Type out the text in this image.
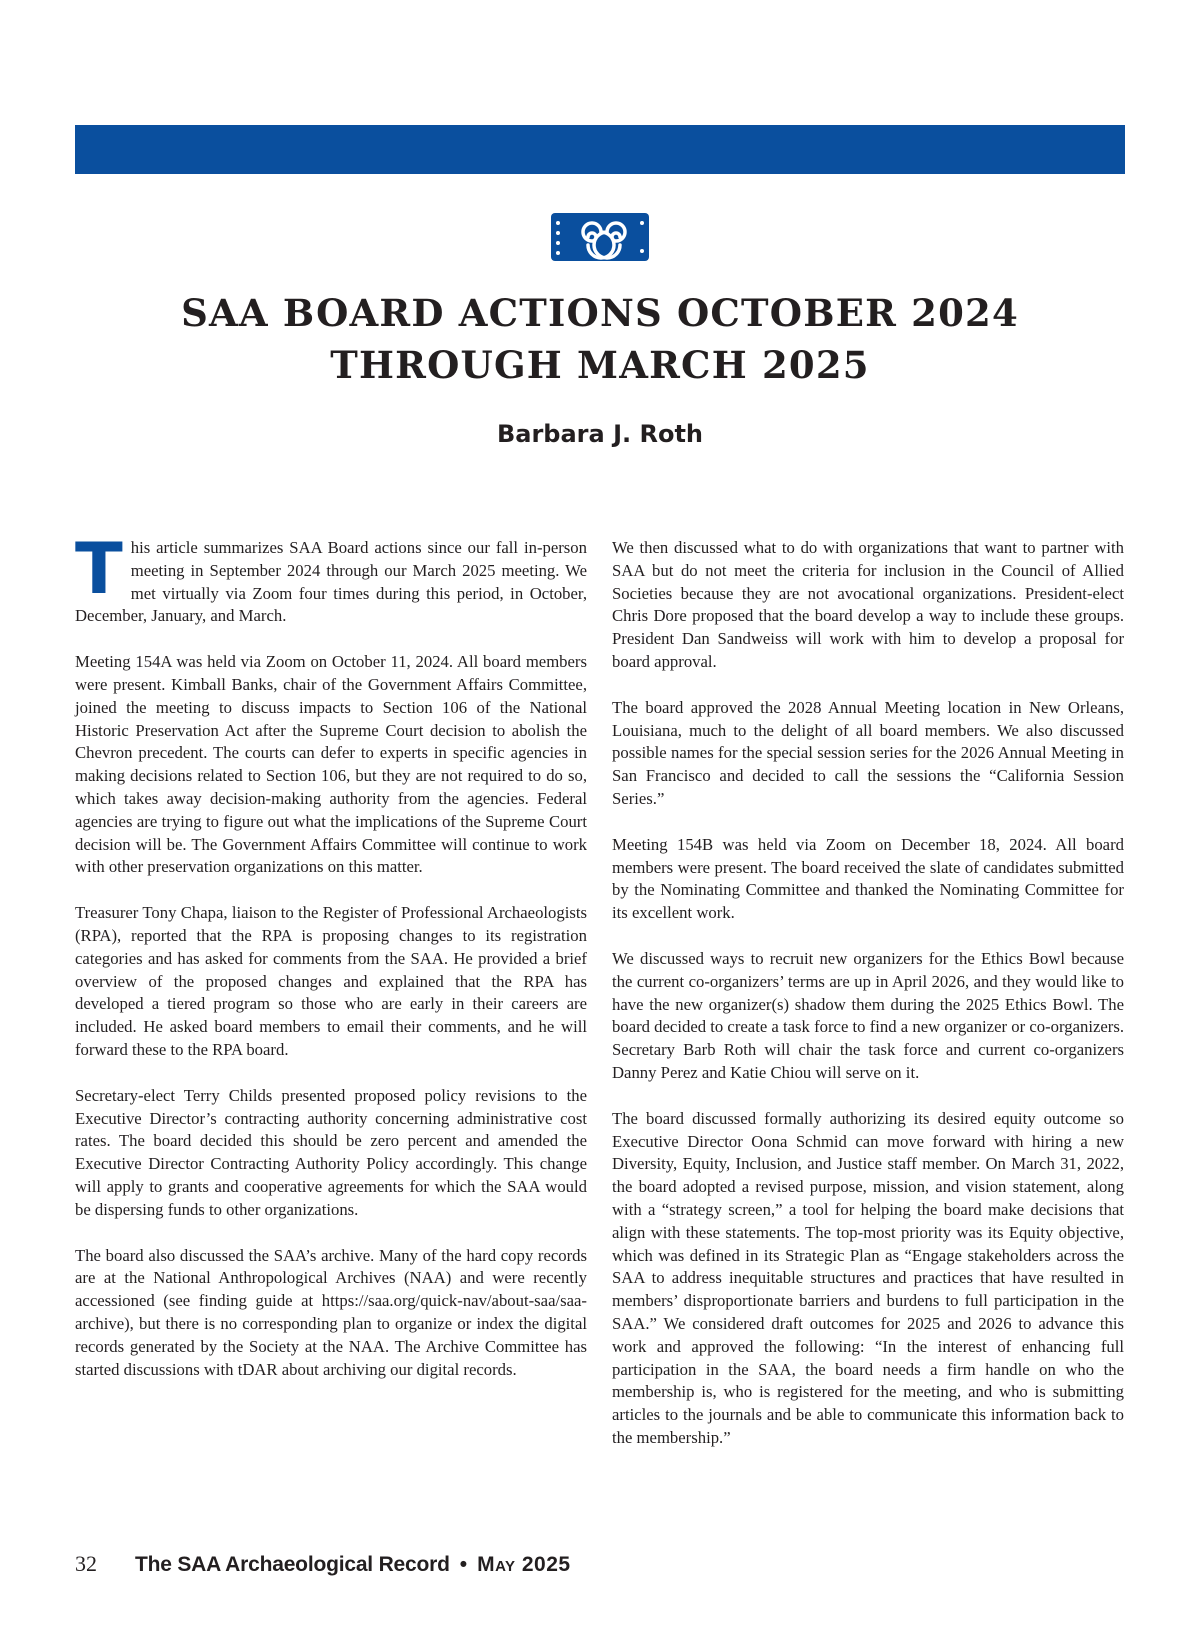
SAA BOARD ACTIONS OCTOBER 2024
THROUGH MARCH 2025
Barbara J. Roth

This article summarizes SAA Board actions since our fall in-person meeting in September 2024 through our March 2025 meeting. We met virtually via Zoom four times during this period, in October, December, January, and March.

Meeting 154A was held via Zoom on October 11, 2024. All board members were present. Kimball Banks, chair of the Government Affairs Committee, joined the meeting to discuss impacts to Section 106 of the National Historic Preservation Act after the Supreme Court decision to abolish the Chevron precedent. The courts can defer to experts in specific agencies in making decisions related to Section 106, but they are not required to do so, which takes away decision-making authority from the agencies. Federal agencies are trying to figure out what the implications of the Supreme Court decision will be. The Government Affairs Committee will continue to work with other preservation organizations on this matter.

Treasurer Tony Chapa, liaison to the Register of Professional Archaeologists (RPA), reported that the RPA is proposing changes to its registration categories and has asked for comments from the SAA. He provided a brief overview of the proposed changes and explained that the RPA has developed a tiered program so those who are early in their careers are included. He asked board members to email their comments, and he will forward these to the RPA board.

Secretary-elect Terry Childs presented proposed policy revisions to the Executive Director’s contracting authority concerning administrative cost rates. The board decided this should be zero percent and amended the Executive Director Contracting Authority Policy accordingly. This change will apply to grants and cooperative agreements for which the SAA would be dispersing funds to other organizations.

The board also discussed the SAA’s archive. Many of the hard copy records are at the National Anthropological Archives (NAA) and were recently accessioned (see finding guide at https://saa.org/quick-nav/about-saa/saa-archive), but there is no corresponding plan to organize or index the digital records generated by the Society at the NAA. The Archive Committee has started discussions with tDAR about archiving our digital records.

We then discussed what to do with organizations that want to partner with SAA but do not meet the criteria for inclusion in the Council of Allied Societies because they are not avocational organizations. President-elect Chris Dore proposed that the board develop a way to include these groups. President Dan Sandweiss will work with him to develop a proposal for board approval.

The board approved the 2028 Annual Meeting location in New Orleans, Louisiana, much to the delight of all board members. We also discussed possible names for the special session series for the 2026 Annual Meeting in San Francisco and decided to call the sessions the “California Session Series.”

Meeting 154B was held via Zoom on December 18, 2024. All board members were present. The board received the slate of candidates submitted by the Nominating Committee and thanked the Nominating Committee for its excellent work.

We discussed ways to recruit new organizers for the Ethics Bowl because the current co-organizers’ terms are up in April 2026, and they would like to have the new organizer(s) shadow them during the 2025 Ethics Bowl. The board decided to create a task force to find a new organizer or co-organizers. Secretary Barb Roth will chair the task force and current co-organizers Danny Perez and Katie Chiou will serve on it.

The board discussed formally authorizing its desired equity outcome so Executive Director Oona Schmid can move forward with hiring a new Diversity, Equity, Inclusion, and Justice staff member. On March 31, 2022, the board adopted a revised purpose, mission, and vision statement, along with a “strategy screen,” a tool for helping the board make decisions that align with these statements. The top-most priority was its Equity objective, which was defined in its Strategic Plan as “Engage stakeholders across the SAA to address inequitable structures and practices that have resulted in members’ disproportionate barriers and burdens to full participation in the SAA.” We considered draft outcomes for 2025 and 2026 to advance this work and approved the following: “In the interest of enhancing full participation in the SAA, the board needs a firm handle on who the membership is, who is registered for the meeting, and who is submitting articles to the journals and be able to communicate this information back to the membership.”

32 The SAA Archaeological Record • May 2025
